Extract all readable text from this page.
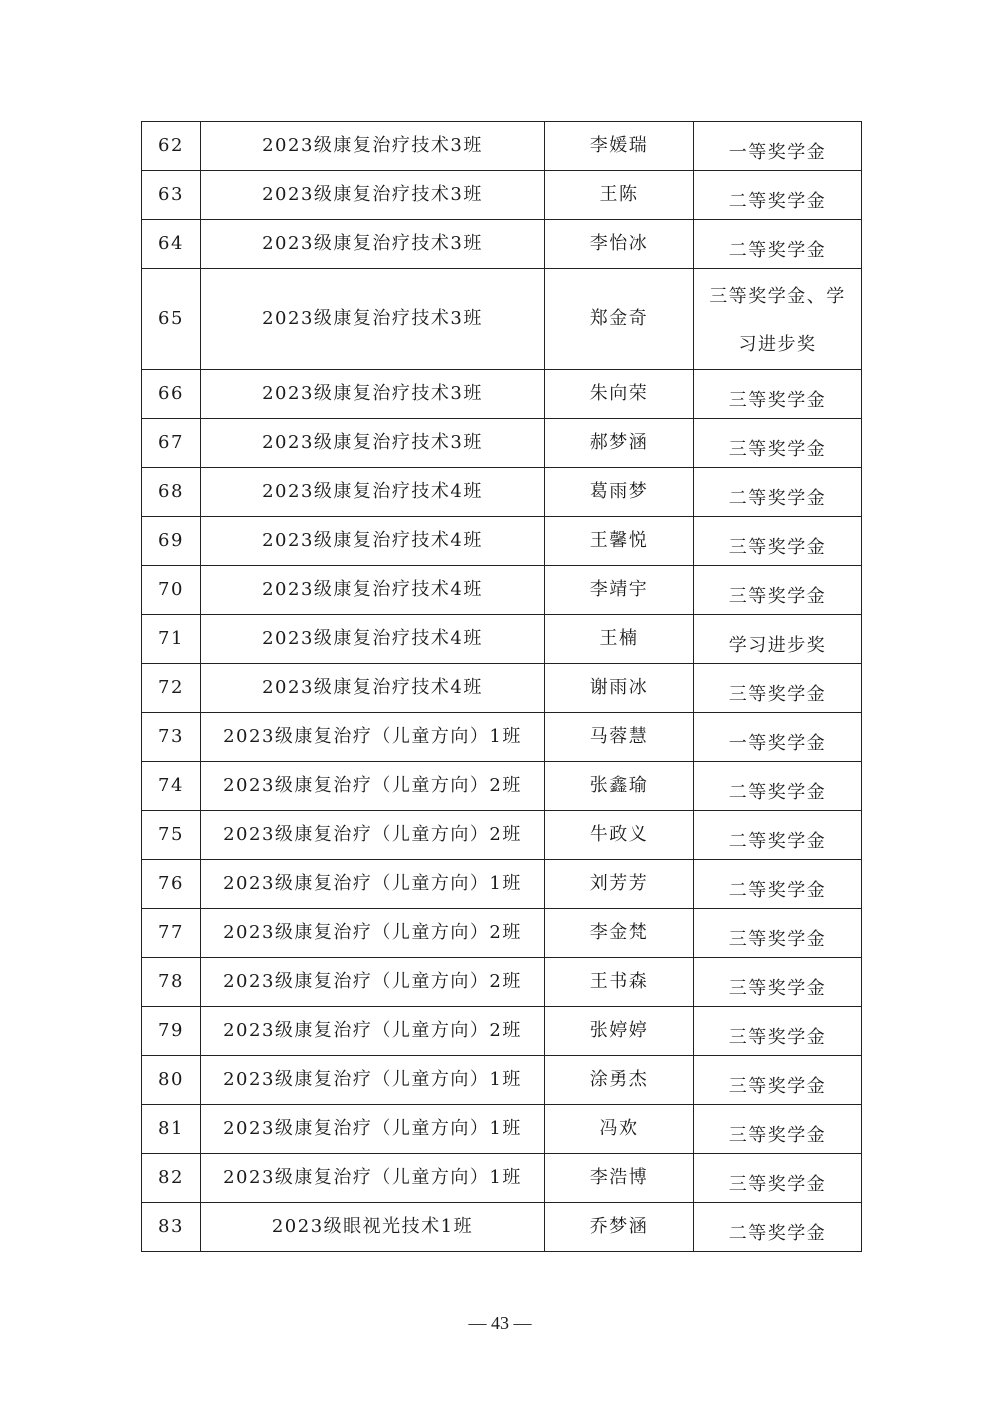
62	2023级康复治疗技术3班	李媛瑞	一等奖学金
63	2023级康复治疗技术3班	王陈	二等奖学金
64	2023级康复治疗技术3班	李怡冰	二等奖学金
65	2023级康复治疗技术3班	郑金奇	三等奖学金、学习进步奖
66	2023级康复治疗技术3班	朱向荣	三等奖学金
67	2023级康复治疗技术3班	郝梦涵	三等奖学金
68	2023级康复治疗技术4班	葛雨梦	二等奖学金
69	2023级康复治疗技术4班	王馨悦	三等奖学金
70	2023级康复治疗技术4班	李靖宇	三等奖学金
71	2023级康复治疗技术4班	王楠	学习进步奖
72	2023级康复治疗技术4班	谢雨冰	三等奖学金
73	2023级康复治疗（儿童方向）1班	马蓉慧	一等奖学金
74	2023级康复治疗（儿童方向）2班	张鑫瑜	二等奖学金
75	2023级康复治疗（儿童方向）2班	牛政义	二等奖学金
76	2023级康复治疗（儿童方向）1班	刘芳芳	二等奖学金
77	2023级康复治疗（儿童方向）2班	李金梵	三等奖学金
78	2023级康复治疗（儿童方向）2班	王书森	三等奖学金
79	2023级康复治疗（儿童方向）2班	张婷婷	三等奖学金
80	2023级康复治疗（儿童方向）1班	涂勇杰	三等奖学金
81	2023级康复治疗（儿童方向）1班	冯欢	三等奖学金
82	2023级康复治疗（儿童方向）1班	李浩博	三等奖学金
83	2023级眼视光技术1班	乔梦涵	二等奖学金
— 43 —
